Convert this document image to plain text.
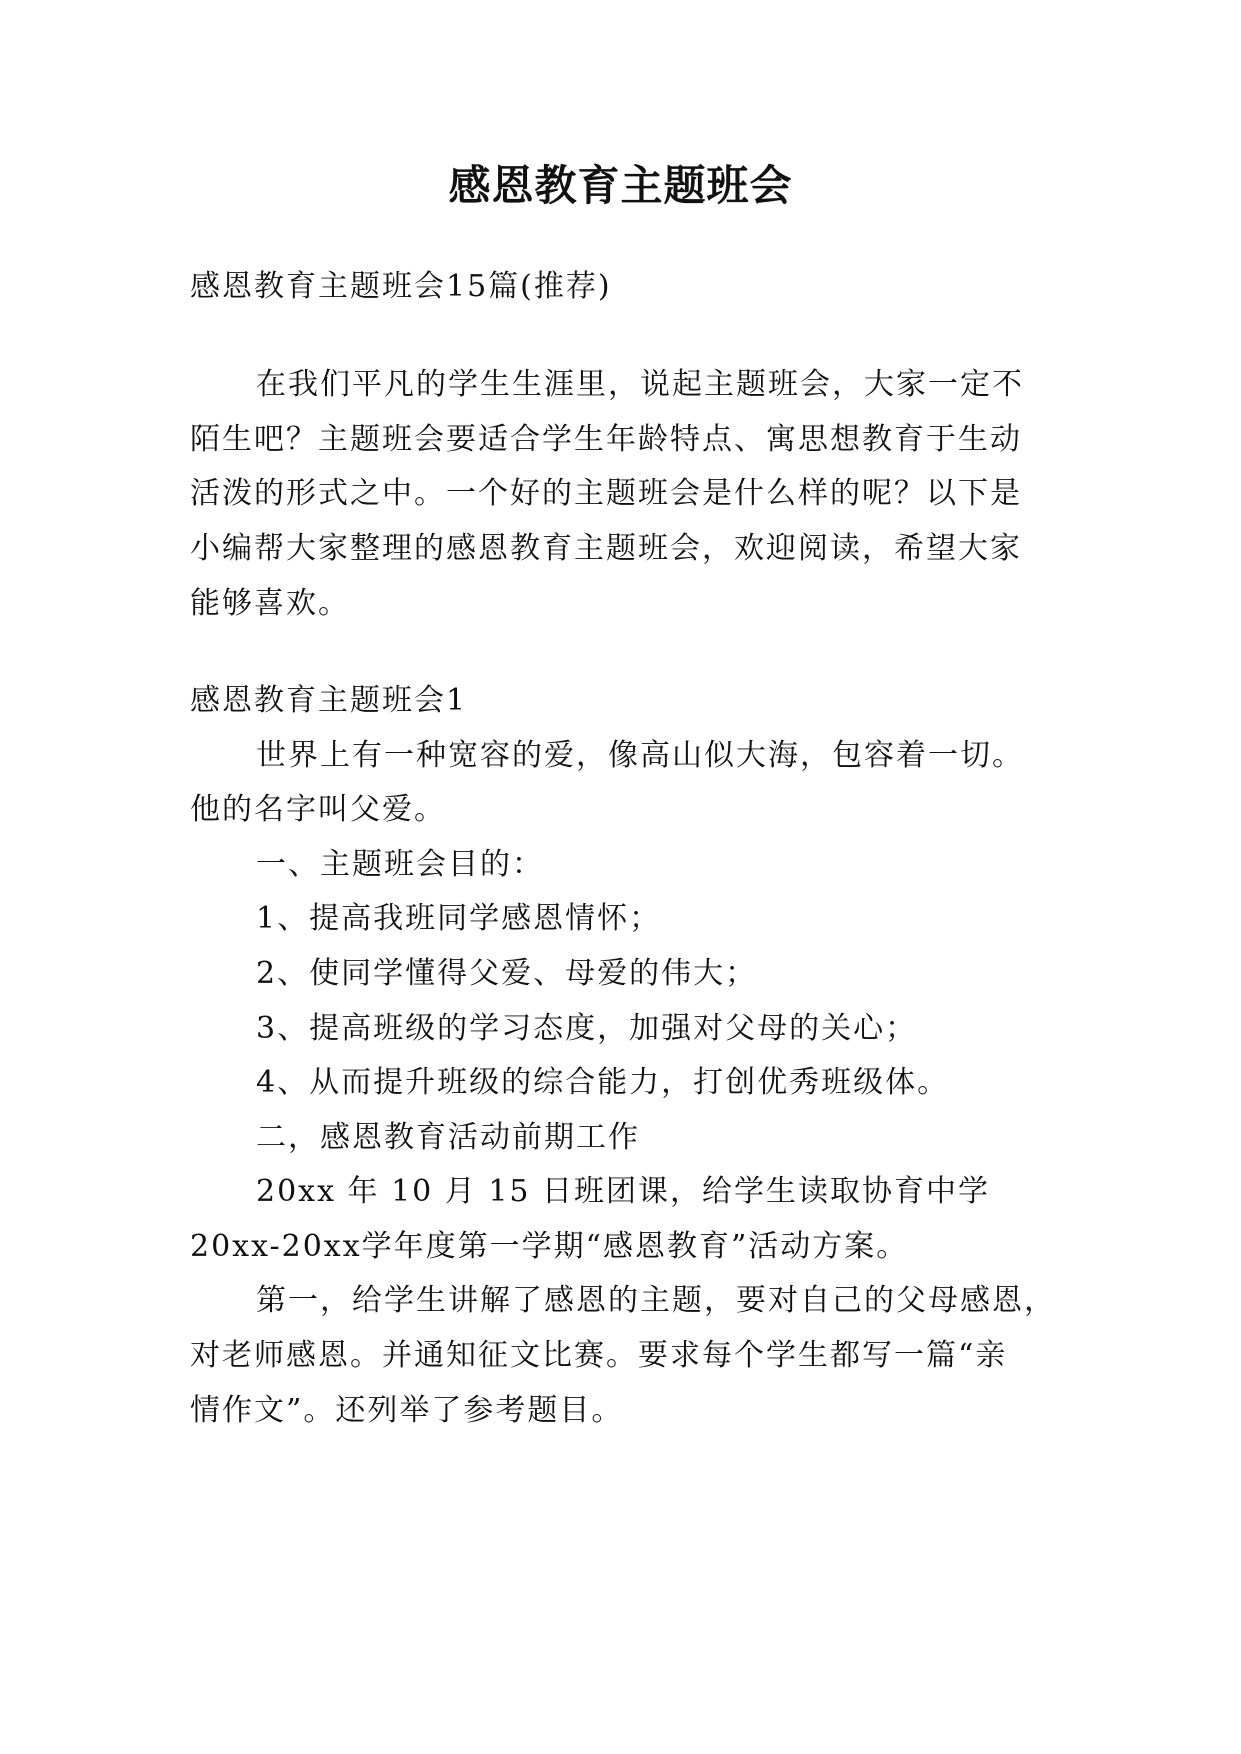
感恩教育主题班会
感恩教育主题班会15篇(推荐)
在我们平凡的学生生涯里，说起主题班会，大家一定不
陌生吧？主题班会要适合学生年龄特点、寓思想教育于生动
活泼的形式之中。一个好的主题班会是什么样的呢？以下是
小编帮大家整理的感恩教育主题班会，欢迎阅读，希望大家
能够喜欢。
感恩教育主题班会1
世界上有一种宽容的爱，像高山似大海，包容着一切。
他的名字叫父爱。
一、主题班会目的：
1、提高我班同学感恩情怀；
2、使同学懂得父爱、母爱的伟大；
3、提高班级的学习态度，加强对父母的关心；
4、从而提升班级的综合能力，打创优秀班级体。
二，感恩教育活动前期工作
20xx 年 10 月 15 日班团课，给学生读取协育中学
20xx-20xx学年度第一学期“感恩教育”活动方案。
第一，给学生讲解了感恩的主题，要对自己的父母感恩，
对老师感恩。并通知征文比赛。要求每个学生都写一篇“亲
情作文”。还列举了参考题目。
